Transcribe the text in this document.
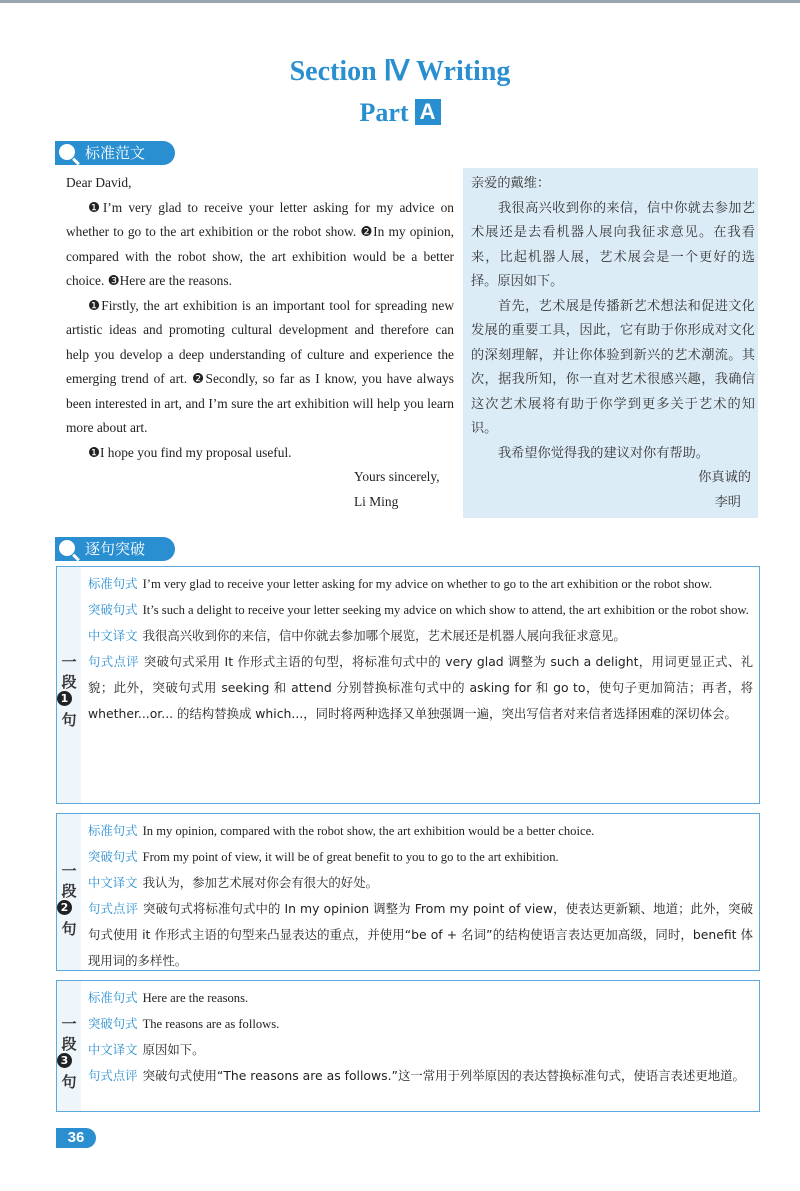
Section Ⅳ Writing
Part A
标准范文

Dear David,

❶I’m very glad to receive your letter asking for my advice on whether to go to the art exhibition or the robot show. ❷In my opinion, compared with the robot show, the art exhibition would be a better choice. ❸Here are the reasons.

❶Firstly, the art exhibition is an important tool for spreading new artistic ideas and promoting cultural development and therefore can help you develop a deep understanding of culture and experience the emerging trend of art. ❷Secondly, so far as I know, you have always been interested in art, and I’m sure the art exhibition will help you learn more about art.

❶I hope you find my proposal useful.

Yours sincerely,

Li Ming

亲爱的戴维：

我很高兴收到你的来信，信中你就去参加艺术展还是去看机器人展向我征求意见。在我看来，比起机器人展，艺术展会是一个更好的选择。原因如下。

首先，艺术展是传播新艺术想法和促进文化发展的重要工具，因此，它有助于你形成对文化的深刻理解，并让你体验到新兴的艺术潮流。其次，据我所知，你一直对艺术很感兴趣，我确信这次艺术展将有助于你学到更多关于艺术的知识。

我希望你觉得我的建议对你有帮助。

你真诚的

李明

逐句突破
一
段
1
句
标准句式 I’m very glad to receive your letter asking for my advice on whether to go to the art exhibition or the robot show.
突破句式 It’s such a delight to receive your letter seeking my advice on which show to attend, the art exhibition or the robot show.
中文译文 我很高兴收到你的来信，信中你就去参加哪个展览，艺术展还是机器人展向我征求意见。
句式点评 突破句式采用 It 作形式主语的句型，将标准句式中的 very glad 调整为 such a delight，用词更显正式、礼貌；此外，突破句式用 seeking 和 attend 分别替换标准句式中的 asking for 和 go to，使句子更加简洁；再者，将 whether...or... 的结构替换成 which...，同时将两种选择又单独强调一遍，突出写信者对来信者选择困难的深切体会。
一
段
2
句
标准句式 In my opinion, compared with the robot show, the art exhibition would be a better choice.
突破句式 From my point of view, it will be of great benefit to you to go to the art exhibition.
中文译文 我认为，参加艺术展对你会有很大的好处。
句式点评 突破句式将标准句式中的 In my opinion 调整为 From my point of view，使表达更新颖、地道；此外，突破句式使用 it 作形式主语的句型来凸显表达的重点，并使用“be of + 名词”的结构使语言表达更加高级，同时，benefit 体现用词的多样性。
一
段
3
句
标准句式 Here are the reasons.
突破句式 The reasons are as follows.
中文译文 原因如下。
句式点评 突破句式使用“The reasons are as follows.”这一常用于列举原因的表达替换标准句式，使语言表述更地道。
36
